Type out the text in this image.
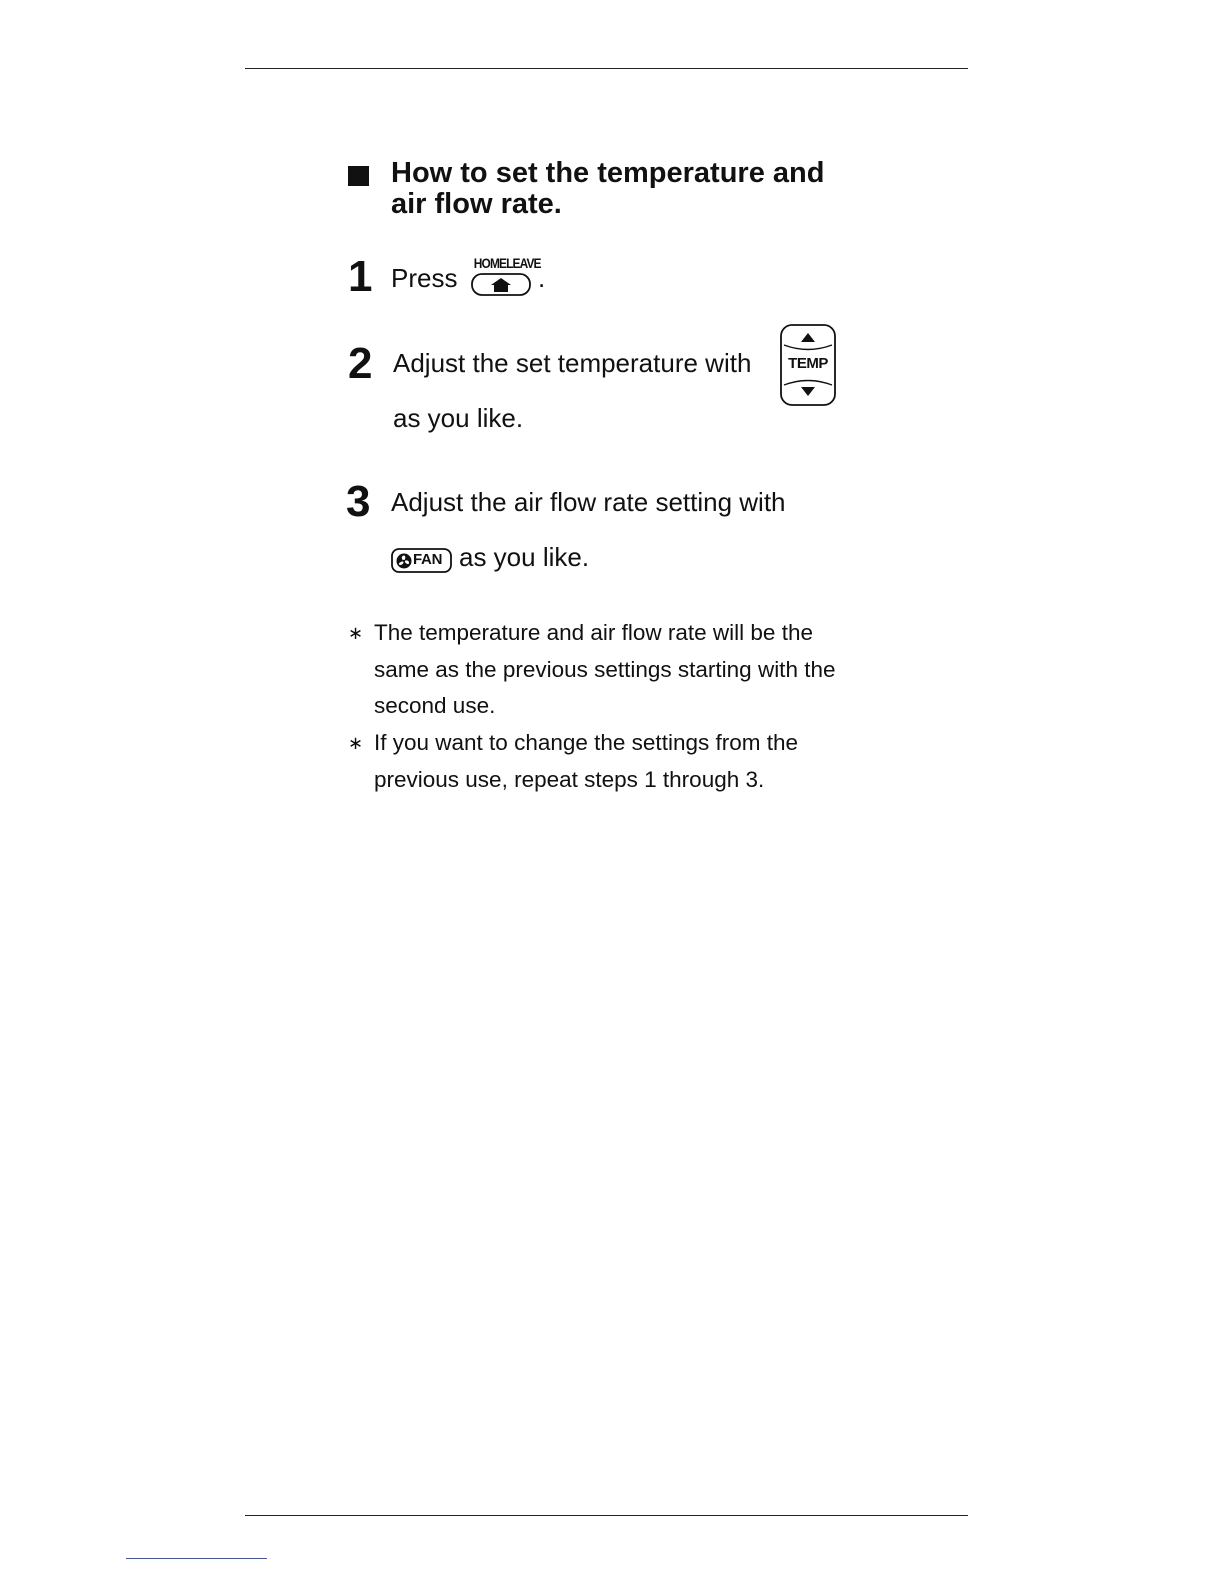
How to set the temperature and air flow rate.
1 Press HOMELEAVE
.
2 Adjust the set temperature with	TEMP
as you like.
3 Adjust the air flow rate setting with
FAN as you like.
∗ The temperature and air flow rate will be the same as the previous settings starting with the second use.
∗ If you want to change the settings from the previous use, repeat steps 1 through 3.
